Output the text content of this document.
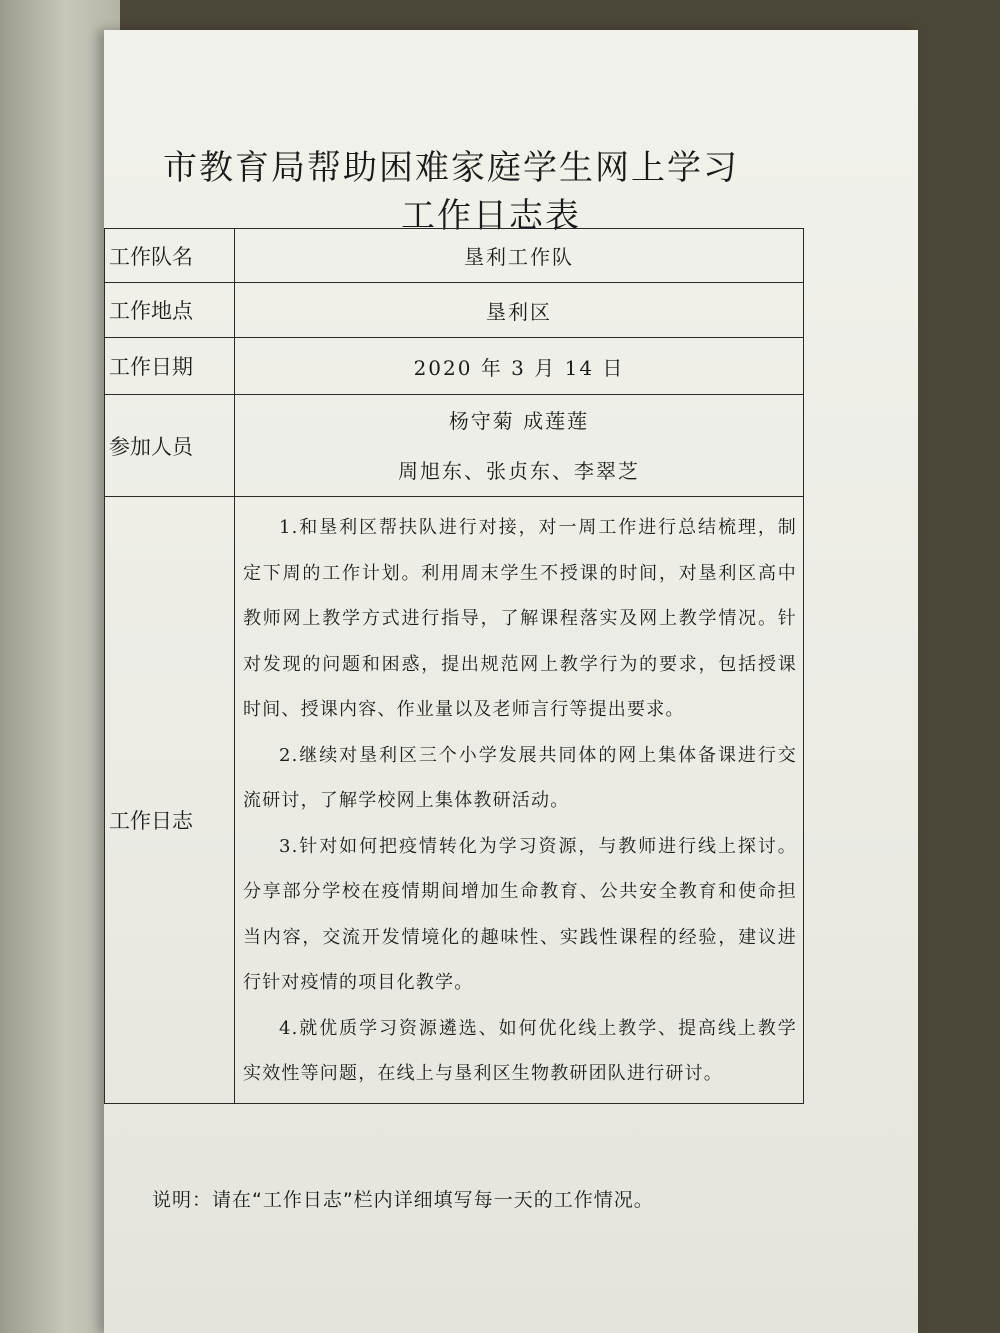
市教育局帮助困难家庭学生网上学习
工作日志表
工作队名	垦利工作队
工作地点	垦利区
工作日期	2020 年 3 月 14 日
参加人员	杨守菊 成莲莲
周旭东、张贞东、李翠芝

工作日志	1.和垦利区帮扶队进行对接，对一周工作进行总结梳理，制定下周的工作计划。利用周末学生不授课的时间，对垦利区高中教师网上教学方式进行指导，了解课程落实及网上教学情况。针对发现的问题和困惑，提出规范网上教学行为的要求，包括授课时间、授课内容、作业量以及老师言行等提出要求。

2.继续对垦利区三个小学发展共同体的网上集体备课进行交流研讨，了解学校网上集体教研活动。

3.针对如何把疫情转化为学习资源，与教师进行线上探讨。分享部分学校在疫情期间增加生命教育、公共安全教育和使命担当内容，交流开发情境化的趣味性、实践性课程的经验，建议进行针对疫情的项目化教学。

4.就优质学习资源遴选、如何优化线上教学、提高线上教学实效性等问题，在线上与垦利区生物教研团队进行研讨。

说明：请在“工作日志”栏内详细填写每一天的工作情况。
